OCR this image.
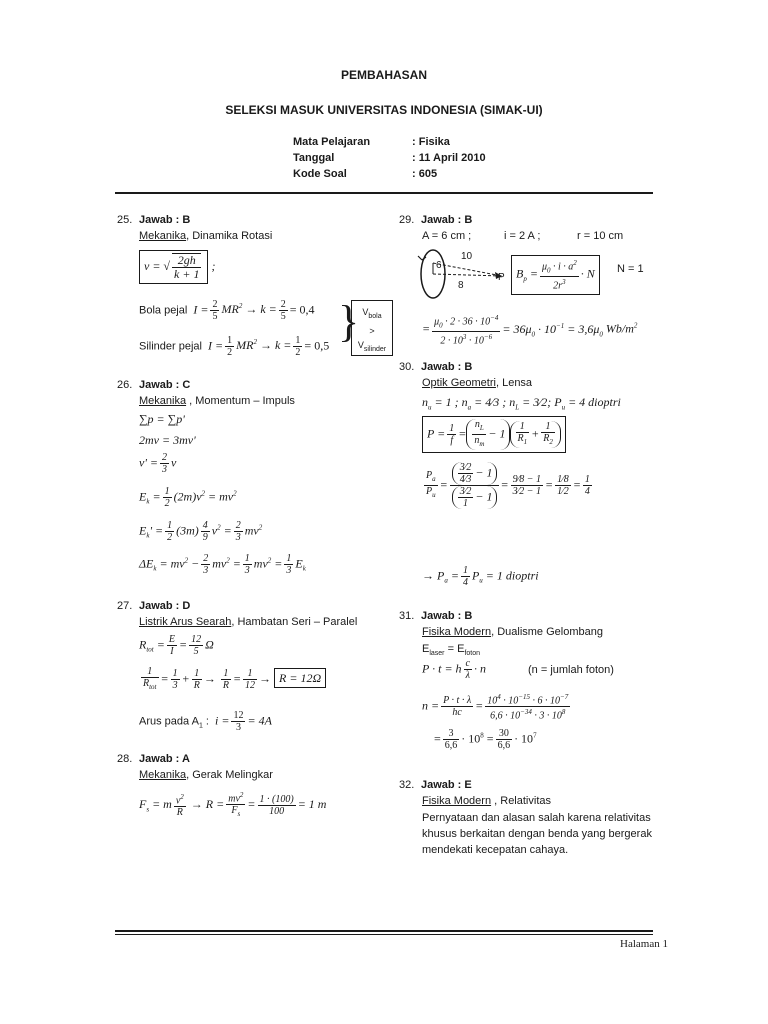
PEMBAHASAN
SELEKSI MASUK UNIVERSITAS INDONESIA (SIMAK-UI)
Mata Pelajaran	: Fisika
Tanggal	: 11 April 2010
Kode Soal	: 605
25. Jawab : B
Mekanika, Dinamika Rotasi
v = √ $\frac{2gh}{k + 1}$ ;
Bola pejal  $I = \frac{2}{5} MR^2 \to k = \frac{2}{5} = 0,4$
Silinder pejal  $I = \frac{1}{2} MR^2 \to k = \frac{1}{2} = 0,5$ } $V_{bola}$
>
$V_{silinder}$
26. Jawab : C
Mekanika , Momentum – Impuls
∑p = ∑p'
2mv = 3mv'
$v' = \frac{2}{3}$ v
$E_k = \frac{1}{2} (2m)v^2 = mv^2$
$E_k' = \frac{1}{2} (3m) \frac{4}{9} v^2 = \frac{2}{3} mv^2$
$\Delta E_k = mv^2 - \frac{2}{3} mv^2 = \frac{1}{3} mv^2 = \frac{1}{3} E_k$
27. Jawab : D
Listrik Arus Searah, Hambatan Seri – Paralel
$R_{tot} = \frac{E}{I} = \frac{12}{5}$ Ω
$\frac{1}{R_{tot}} = \frac{1}{3} + \frac{1}{R} \to \frac{1}{R} = \frac{1}{12} \to R = 12\Omega$
Arus pada $A_1$ :  $i = \frac{12}{3} = 4A$
28. Jawab : A
Mekanika, Gerak Melingkar
$F_s = m \frac{v^2}{R} \to R = \frac{mv^2}{F_s} = \frac{1 \cdot (100)}{100} = 1$ m
29. Jawab : B
A = 6 cm ;	i = 2 A ;	r = 10 cm
6
8
10
P $B_p = \frac{\mu_0 \cdot i \cdot a^2}{2r^3} \cdot N$	N = 1
= $\frac{\mu_0 \cdot 2 \cdot 36 \cdot 10^{-4}}{2 \cdot 10^3 \cdot 10^{-6}} = 36\mu_0 \cdot 10^{-1} = 3,6\mu_0$ $Wb/m^2$
30. Jawab : B
Optik Geometri, Lensa
$n_u = 1$ ; $n_a$ = 4⁄3 ; $n_L$ = 3⁄2; $P_u = 4$ dioptri
$P = \frac{1}{f} = \frac{n_L}{n_m} - 1 \frac{1}{R_1} + \frac{1}{R_2}$
$\frac{P_a}{P_u} = \frac{\frac{3⁄2}{4⁄3} - 1}{\frac{3⁄2}{1} - 1} = \frac{9⁄8 - 1}{3⁄2 - 1} = \frac{1⁄8}{1⁄2} = \frac{1}{4}$
→ $P_a = \frac{1}{4} P_u = 1$ dioptri
31. Jawab : B
Fisika Modern, Dualisme Gelombang
$E_{laser} = E_{foton}$
P · t = h $\frac{c}{\lambda} \cdot n$	(n = jumlah foton)
$n = \frac{P \cdot t \cdot \lambda}{hc} = \frac{10^4 \cdot 10^{-15} \cdot 6 \cdot 10^{-7}}{6,6 \cdot 10^{-34} \cdot 3 \cdot 10^8}$
= $\frac{3}{6,6} \cdot 10^8 = \frac{30}{6,6} \cdot 10^7$
32. Jawab : E
Fisika Modern , Relativitas
Pernyataan dan alasan salah karena relativitas
khusus berkaitan dengan benda yang bergerak
mendekati kecepatan cahaya.
Halaman 1
